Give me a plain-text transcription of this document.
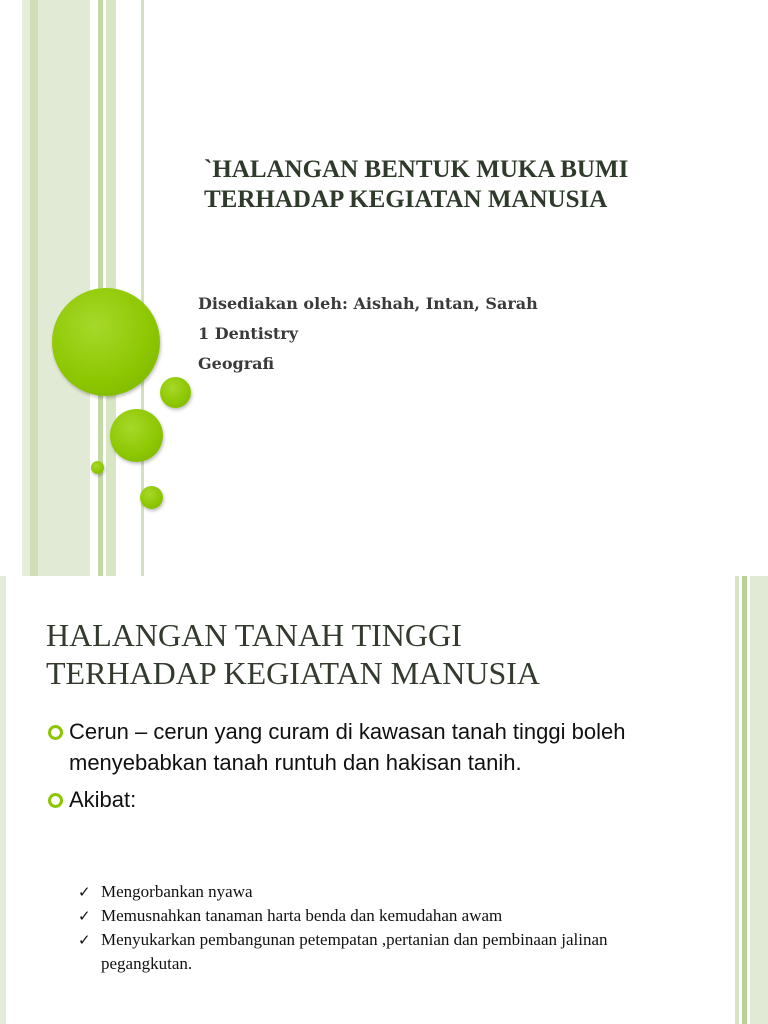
`HALANGAN BENTUK MUKA BUMI
TERHADAP KEGIATAN MANUSIA
Disediakan oleh: Aishah, Intan, Sarah
1 Dentistry
Geografi
HALANGAN TANAH TINGGI
TERHADAP KEGIATAN MANUSIA
Cerun – cerun yang curam di kawasan tanah tinggi boleh menyebabkan tanah runtuh dan hakisan tanih.
Akibat:
✓ Mengorbankan nyawa
✓ Memusnahkan tanaman harta benda dan kemudahan awam
✓ Menyukarkan pembangunan petempatan ,pertanian dan pembinaan jalinan pegangkutan.
